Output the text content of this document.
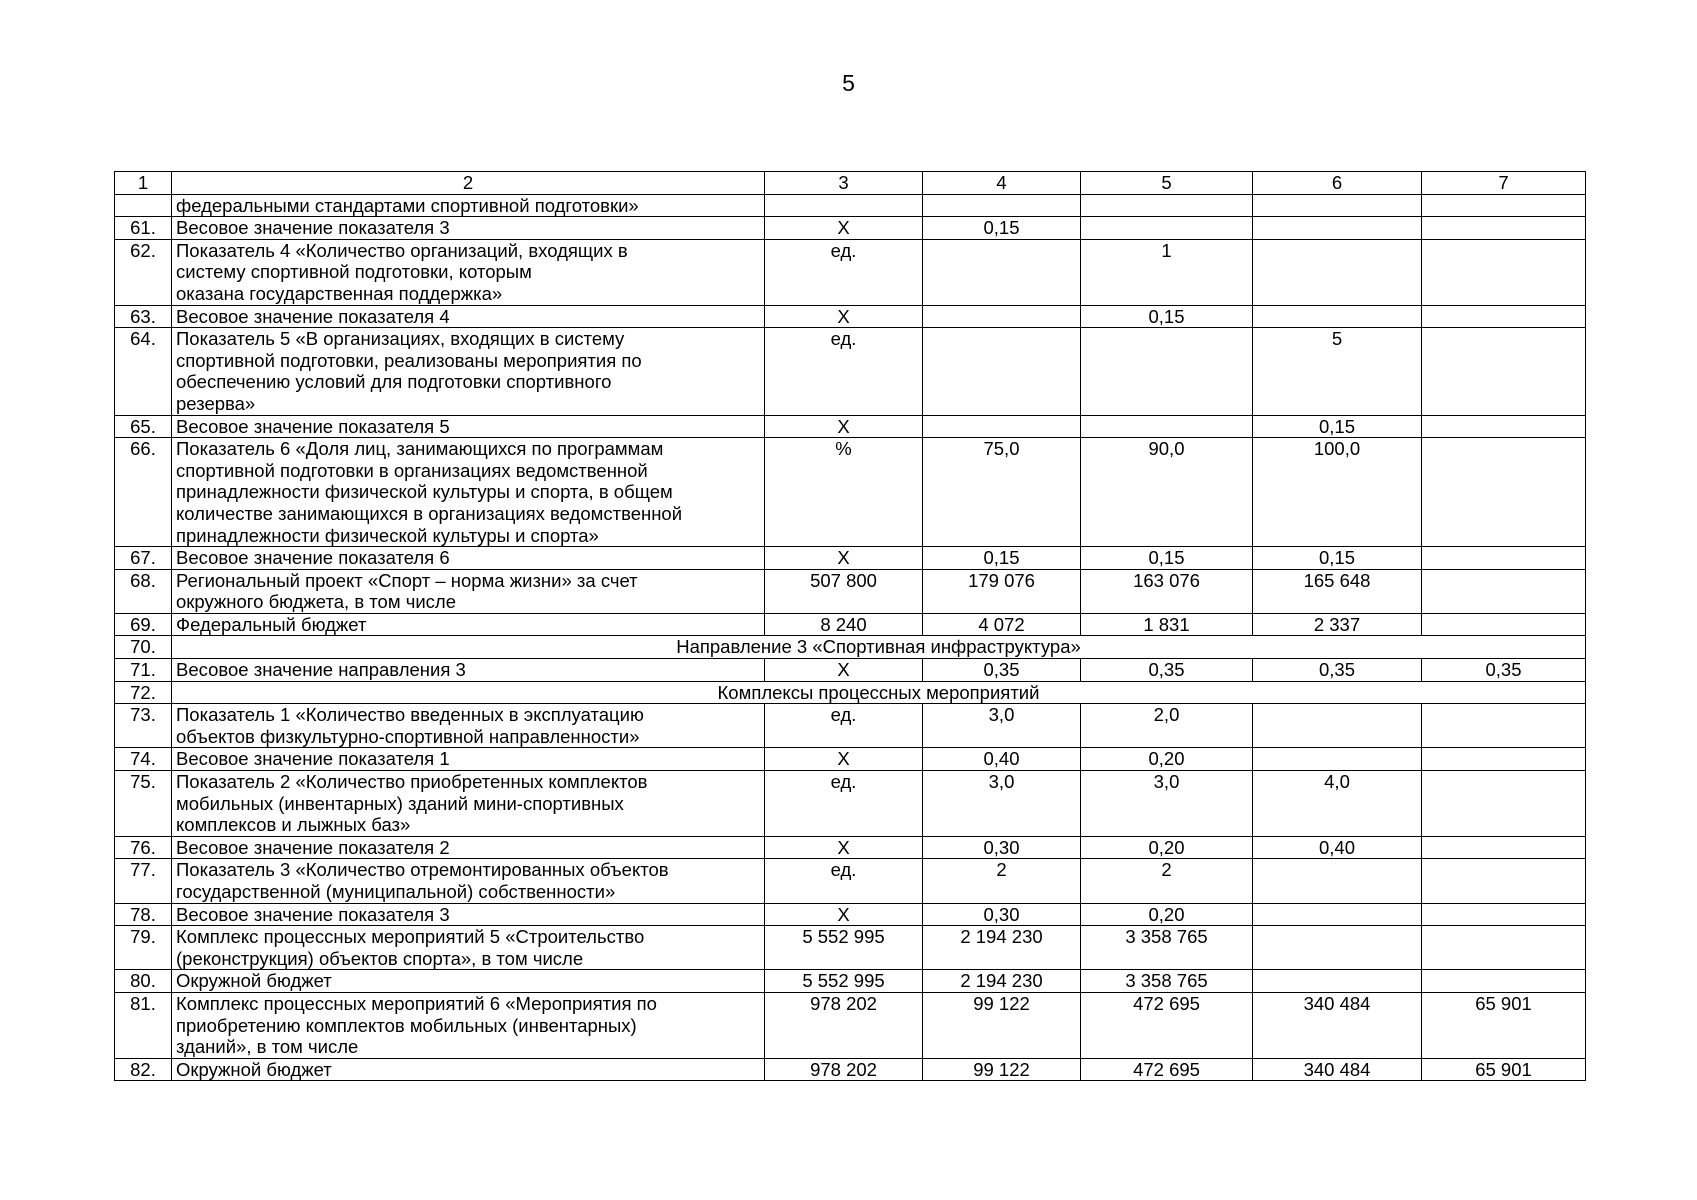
5
1	2	3	4	5	6	7
	федеральными стандартами спортивной подготовки»					
61.	Весовое значение показателя 3	Х	0,15			
62.	Показатель 4 «Количество организаций, входящих в
систему спортивной подготовки, которым
оказана государственная поддержка»	ед.		1		
63.	Весовое значение показателя 4	Х		0,15		
64.	Показатель 5 «В организациях, входящих в систему
спортивной подготовки, реализованы мероприятия по
обеспечению условий для подготовки спортивного
резерва»	ед.			5	
65.	Весовое значение показателя 5	Х			0,15	
66.	Показатель 6 «Доля лиц, занимающихся по программам
спортивной подготовки в организациях ведомственной
принадлежности физической культуры и спорта, в общем
количестве занимающихся в организациях ведомственной
принадлежности физической культуры и спорта»	%	75,0	90,0	100,0	
67.	Весовое значение показателя 6	Х	0,15	0,15	0,15	
68.	Региональный проект «Спорт – норма жизни» за счет
окружного бюджета, в том числе	507 800	179 076	163 076	165 648	
69.	Федеральный бюджет	8 240	4 072	1 831	2 337	
70.	Направление 3 «Спортивная инфраструктура»					
71.	Весовое значение направления 3	Х	0,35	0,35	0,35	0,35
72.	Комплексы процессных мероприятий					
73.	Показатель 1 «Количество введенных в эксплуатацию
объектов физкультурно-спортивной направленности»	ед.	3,0	2,0		
74.	Весовое значение показателя 1	Х	0,40	0,20		
75.	Показатель 2 «Количество приобретенных комплектов
мобильных (инвентарных) зданий мини-спортивных
комплексов и лыжных баз»	ед.	3,0	3,0	4,0	
76.	Весовое значение показателя 2	Х	0,30	0,20	0,40	
77.	Показатель 3 «Количество отремонтированных объектов
государственной (муниципальной) собственности»	ед.	2	2		
78.	Весовое значение показателя 3	Х	0,30	0,20		
79.	Комплекс процессных мероприятий 5 «Строительство
(реконструкция) объектов спорта», в том числе	5 552 995	2 194 230	3 358 765		
80.	Окружной бюджет	5 552 995	2 194 230	3 358 765		
81.	Комплекс процессных мероприятий 6 «Мероприятия по
приобретению комплектов мобильных (инвентарных)
зданий», в том числе	978 202	99 122	472 695	340 484	65 901
82.	Окружной бюджет	978 202	99 122	472 695	340 484	65 901
